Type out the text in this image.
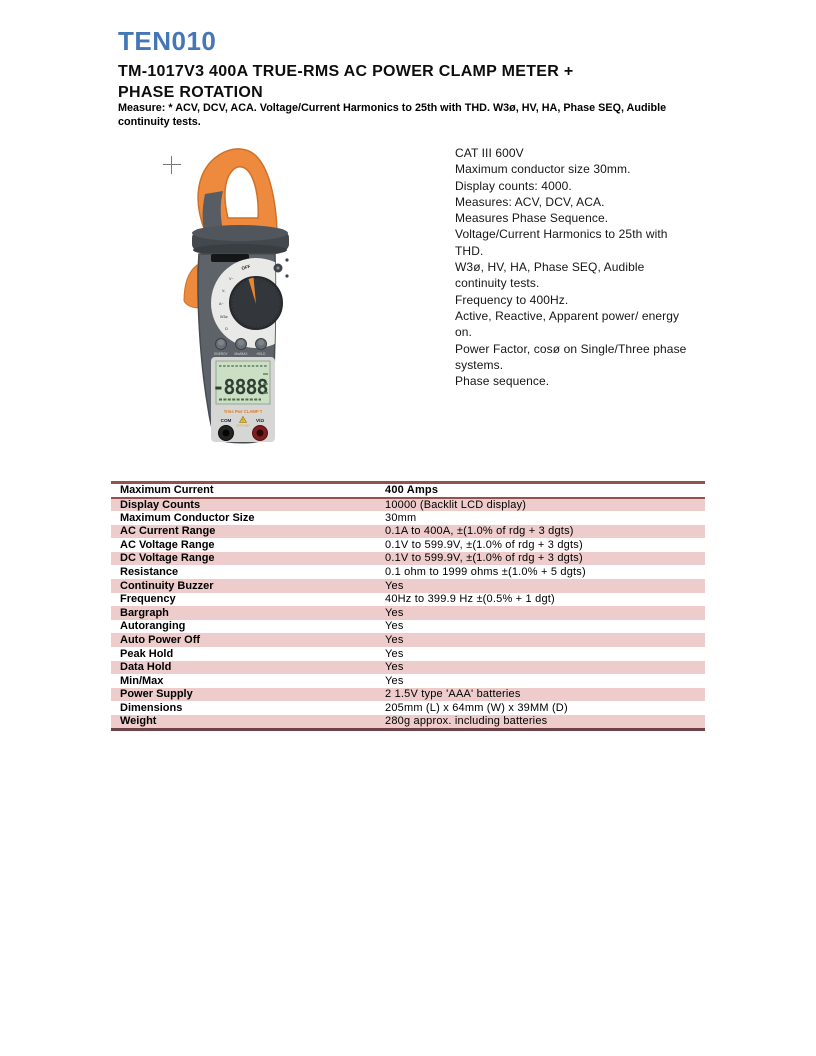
TEN010
TM-1017V3 400A TRUE-RMS AC POWER CLAMP METER + PHASE ROTATION
Measure: * ACV, DCV, ACA. Voltage/Current Harmonics to 25th with THD. W3ø, HV, HA, Phase SEQ, Audible continuity tests.
OFF
V~
V-
A~
W3ø
Ω
ENERGY Min/MAX	HOLD
-8888
Trms Pwr CLAMP T
COM	!
CAT III 600V
V/Ω
CAT III 600V
Maximum conductor size 30mm.
Display counts: 4000.
Measures: ACV, DCV, ACA.
Measures Phase Sequence.
Voltage/Current Harmonics to 25th with THD.
W3ø, HV, HA, Phase SEQ, Audible continuity tests.
Frequency to 400Hz.
Active, Reactive, Apparent power/ energy on.
Power Factor, cosø on Single/Three phase systems.
Phase sequence.
Maximum Current	400 Amps
Display Counts	10000 (Backlit LCD display)
Maximum Conductor Size	30mm
AC Current Range	0.1A to 400A, ±(1.0% of rdg + 3 dgts)
AC Voltage Range	0.1V to 599.9V, ±(1.0% of rdg + 3 dgts)
DC Voltage Range	0.1V to 599.9V, ±(1.0% of rdg + 3 dgts)
Resistance	0.1 ohm to 1999 ohms ±(1.0% + 5 dgts)
Continuity Buzzer	Yes
Frequency	40Hz to 399.9 Hz ±(0.5% + 1 dgt)
Bargraph	Yes
Autoranging	Yes
Auto Power Off	Yes
Peak Hold	Yes
Data Hold	Yes
Min/Max	Yes
Power Supply	2 1.5V type 'AAA' batteries
Dimensions	205mm (L) x 64mm (W) x 39MM (D)
Weight	280g approx. including batteries
